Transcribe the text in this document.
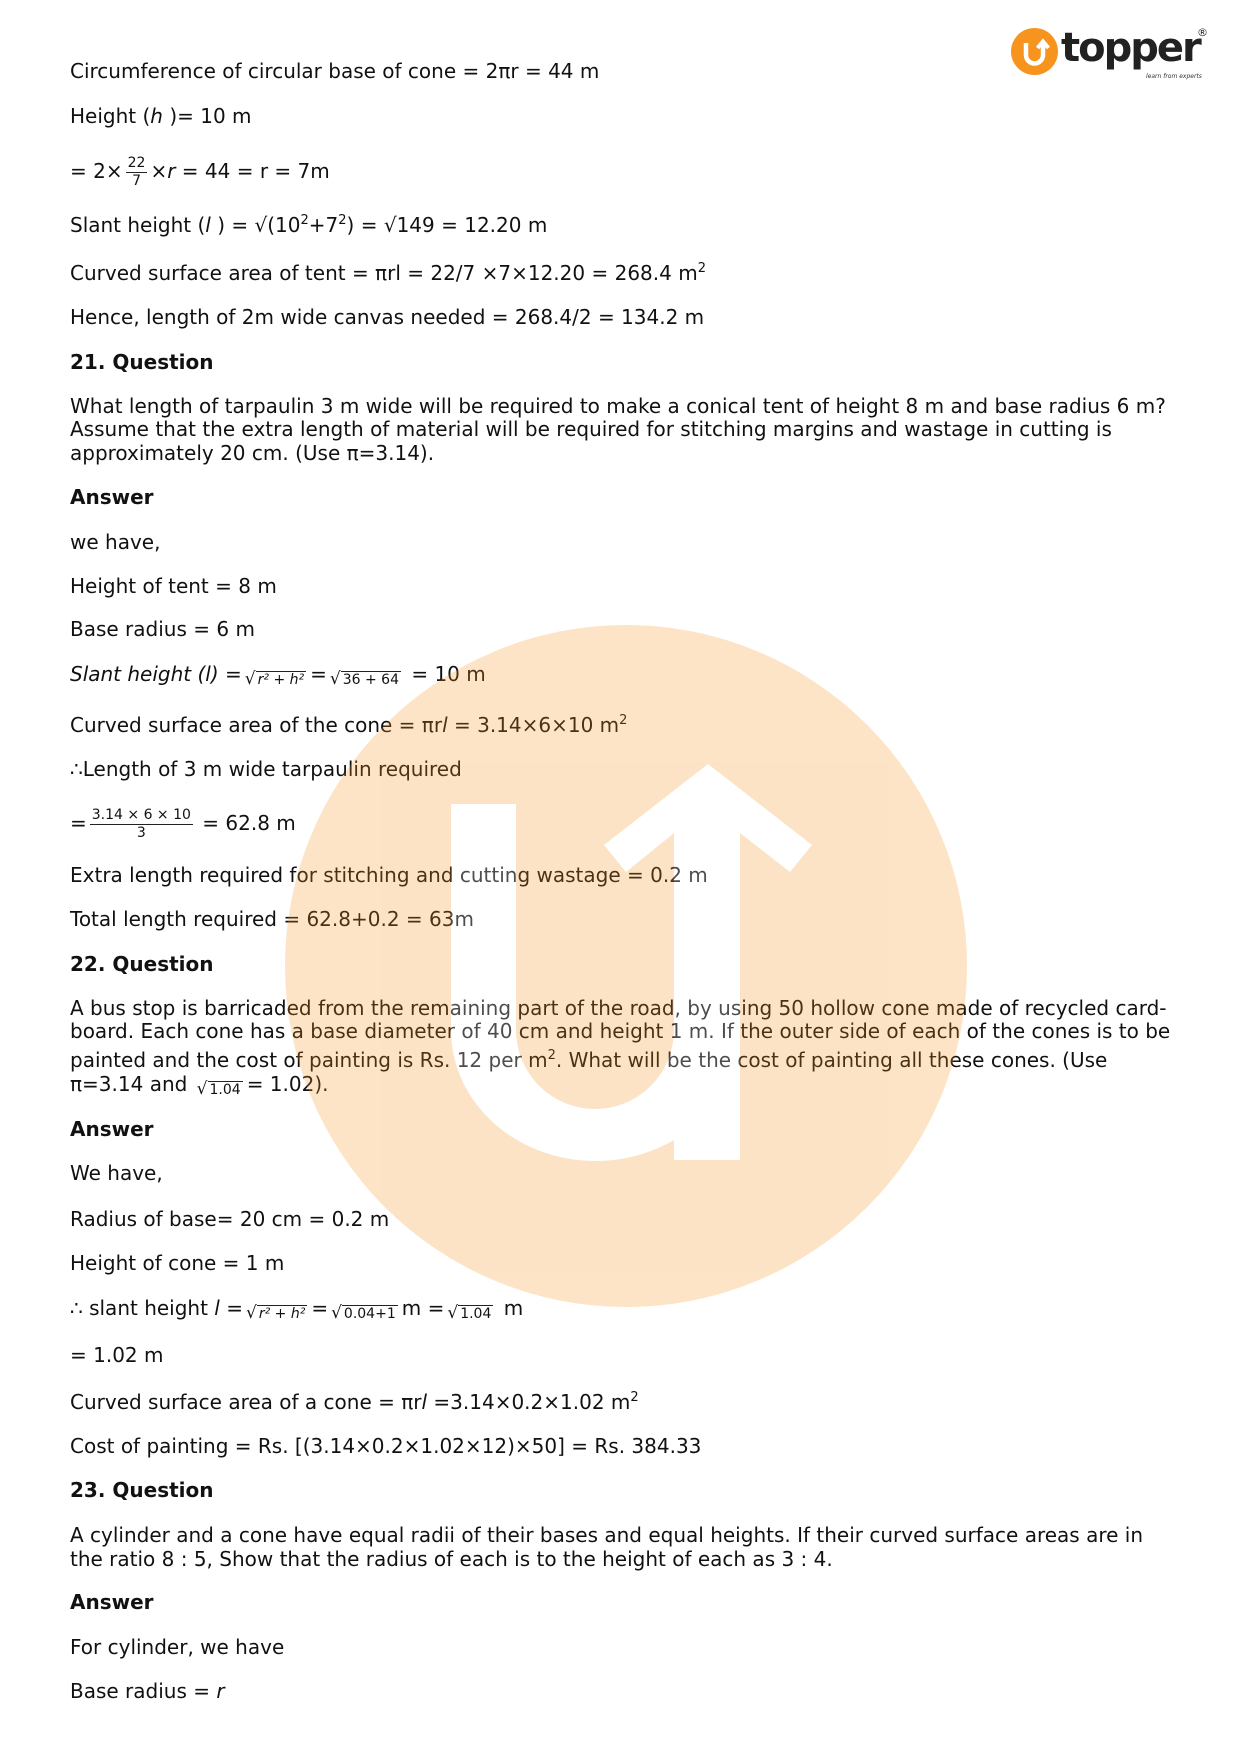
topper
®
learn from experts
Circumference of circular base of cone = 2πr = 44 m
Height (h )= 10 m
= $2\times \frac{22}{7} \times r = 44 = r = 7m$
Slant height (l ) = $√(10^2+7^2) = √149 = 12.20$ m
Curved surface area of tent = πrl = 22/7 ×7×12.20 = 268.4 $m^2$
Hence, length of 2m wide canvas needed = 268.4/2 = 134.2 m
21. Question
What length of tarpaulin 3 m wide will be required to make a conical tent of height 8 m and base radius 6 m?
Assume that the extra length of material will be required for stitching margins and wastage in cutting is
approximately 20 cm. (Use π=3.14).
Answer
we have,
Height of tent = 8 m
Base radius = 6 m
Slant height (l) = √ r² + h² = √ 36 + 64 = 10 m
Curved surface area of the cone = πrl = 3.14×6×10 $m^2$
∴Length of 3 m wide tarpaulin required
= $\frac{3.14 \times 6 \times 10}{3} = 62.8$ m
Extra length required for stitching and cutting wastage = 0.2 m
Total length required = 62.8+0.2 = 63m
22. Question
A bus stop is barricaded from the remaining part of the road, by using 50 hollow cone made of recycled card-
board. Each cone has a base diameter of 40 cm and height 1 m. If the outer side of each of the cones is to be
painted and the cost of painting is Rs. 12 per $m^2$. What will be the cost of painting all these cones. (Use
π=3.14 and √ 1.04 = 1.02).
Answer
We have,
Radius of base= 20 cm = 0.2 m
Height of cone = 1 m
∴ slant height l = √ r² + h² = √ 0.04+1 m = √ 1.04 m
= 1.02 m
Curved surface area of a cone = πrl =3.14×0.2×1.02 $m^2$
Cost of painting = Rs. [(3.14×0.2×1.02×12)×50] = Rs. 384.33
23. Question
A cylinder and a cone have equal radii of their bases and equal heights. If their curved surface areas are in
the ratio 8 : 5, Show that the radius of each is to the height of each as 3 : 4.
Answer
For cylinder, we have
Base radius = r
